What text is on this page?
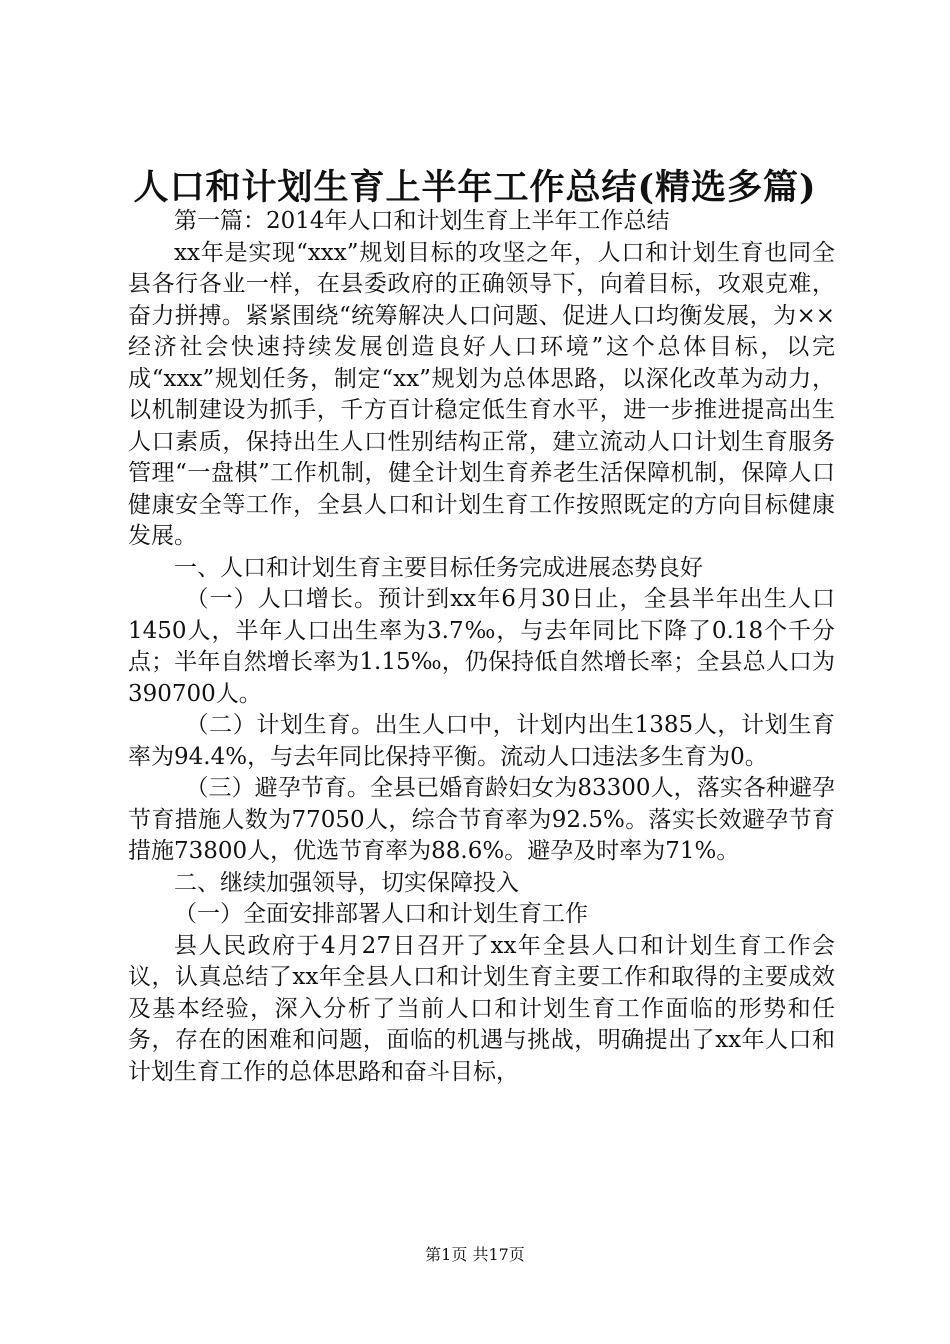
人口和计划生育上半年工作总结(精选多篇)

第一篇：2014年人口和计划生育上半年工作总结

xx年是实现“xxx”规划目标的攻坚之年，人口和计划生育也同全县各行各业一样，在县委政府的正确领导下，向着目标，攻艰克难，奋力拼搏。紧紧围绕“统筹解决人口问题、促进人口均衡发展，为××经济社会快速持续发展创造良好人口环境”这个总体目标，以完成“xxx”规划任务，制定“xx”规划为总体思路，以深化改革为动力，以机制建设为抓手，千方百计稳定低生育水平，进一步推进提高出生人口素质，保持出生人口性别结构正常，建立流动人口计划生育服务管理“一盘棋”工作机制，健全计划生育养老生活保障机制，保障人口健康安全等工作，全县人口和计划生育工作按照既定的方向目标健康发展。

一、人口和计划生育主要目标任务完成进展态势良好

（一）人口增长。预计到xx年6月30日止，全县半年出生人口1450人，半年人口出生率为3.7‰，与去年同比下降了0.18个千分点；半年自然增长率为1.15‰，仍保持低自然增长率；全县总人口为390700人。

（二）计划生育。出生人口中，计划内出生1385人，计划生育率为94.4%，与去年同比保持平衡。流动人口违法多生育为0。

（三）避孕节育。全县已婚育龄妇女为83300人，落实各种避孕节育措施人数为77050人，综合节育率为92.5%。落实长效避孕节育措施73800人，优选节育率为88.6%。避孕及时率为71%。

二、继续加强领导，切实保障投入

（一）全面安排部署人口和计划生育工作

县人民政府于4月27日召开了xx年全县人口和计划生育工作会议，认真总结了xx年全县人口和计划生育主要工作和取得的主要成效及基本经验，深入分析了当前人口和计划生育工作面临的形势和任务，存在的困难和问题，面临的机遇与挑战，明确提出了xx年人口和计划生育工作的总体思路和奋斗目标，

第1页 共17页
